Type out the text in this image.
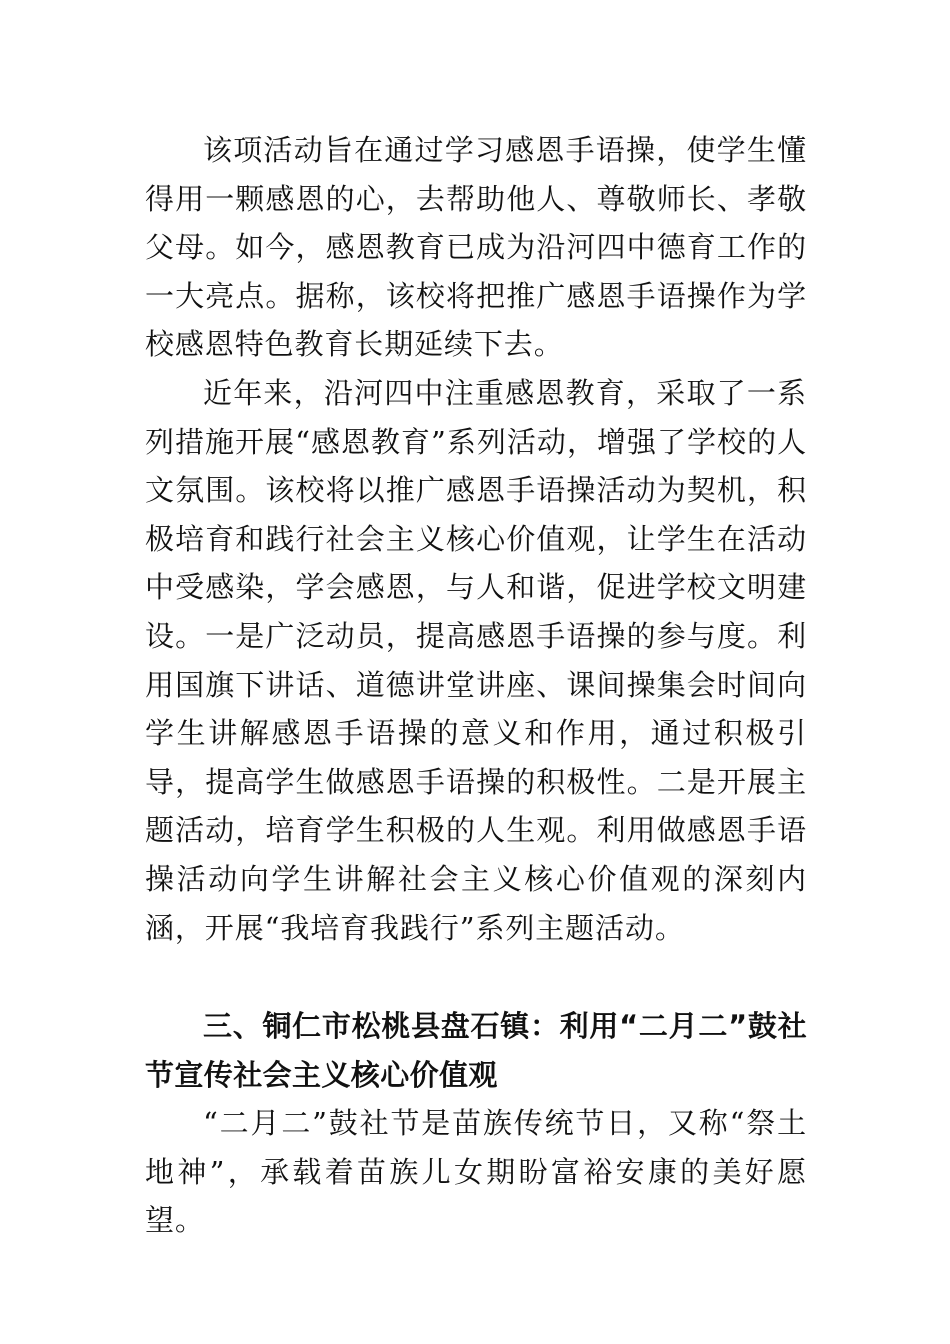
该项活动旨在通过学习感恩手语操，使学生懂得用一颗感恩的心，去帮助他人、尊敬师长、孝敬父母。如今，感恩教育已成为沿河四中德育工作的一大亮点。据称，该校将把推广感恩手语操作为学校感恩特色教育长期延续下去。

近年来，沿河四中注重感恩教育，采取了一系列措施开展“感恩教育”系列活动，增强了学校的人文氛围。该校将以推广感恩手语操活动为契机，积极培育和践行社会主义核心价值观，让学生在活动中受感染，学会感恩，与人和谐，促进学校文明建设。一是广泛动员，提高感恩手语操的参与度。利用国旗下讲话、道德讲堂讲座、课间操集会时间向学生讲解感恩手语操的意义和作用，通过积极引导，提高学生做感恩手语操的积极性。二是开展主题活动，培育学生积极的人生观。利用做感恩手语操活动向学生讲解社会主义核心价值观的深刻内涵，开展“我培育我践行”系列主题活动。

三、铜仁市松桃县盘石镇：利用“二月二”鼓社节宣传社会主义核心价值观

“二月二”鼓社节是苗族传统节日，又称“祭土地神”，承载着苗族儿女期盼富裕安康的美好愿望。
